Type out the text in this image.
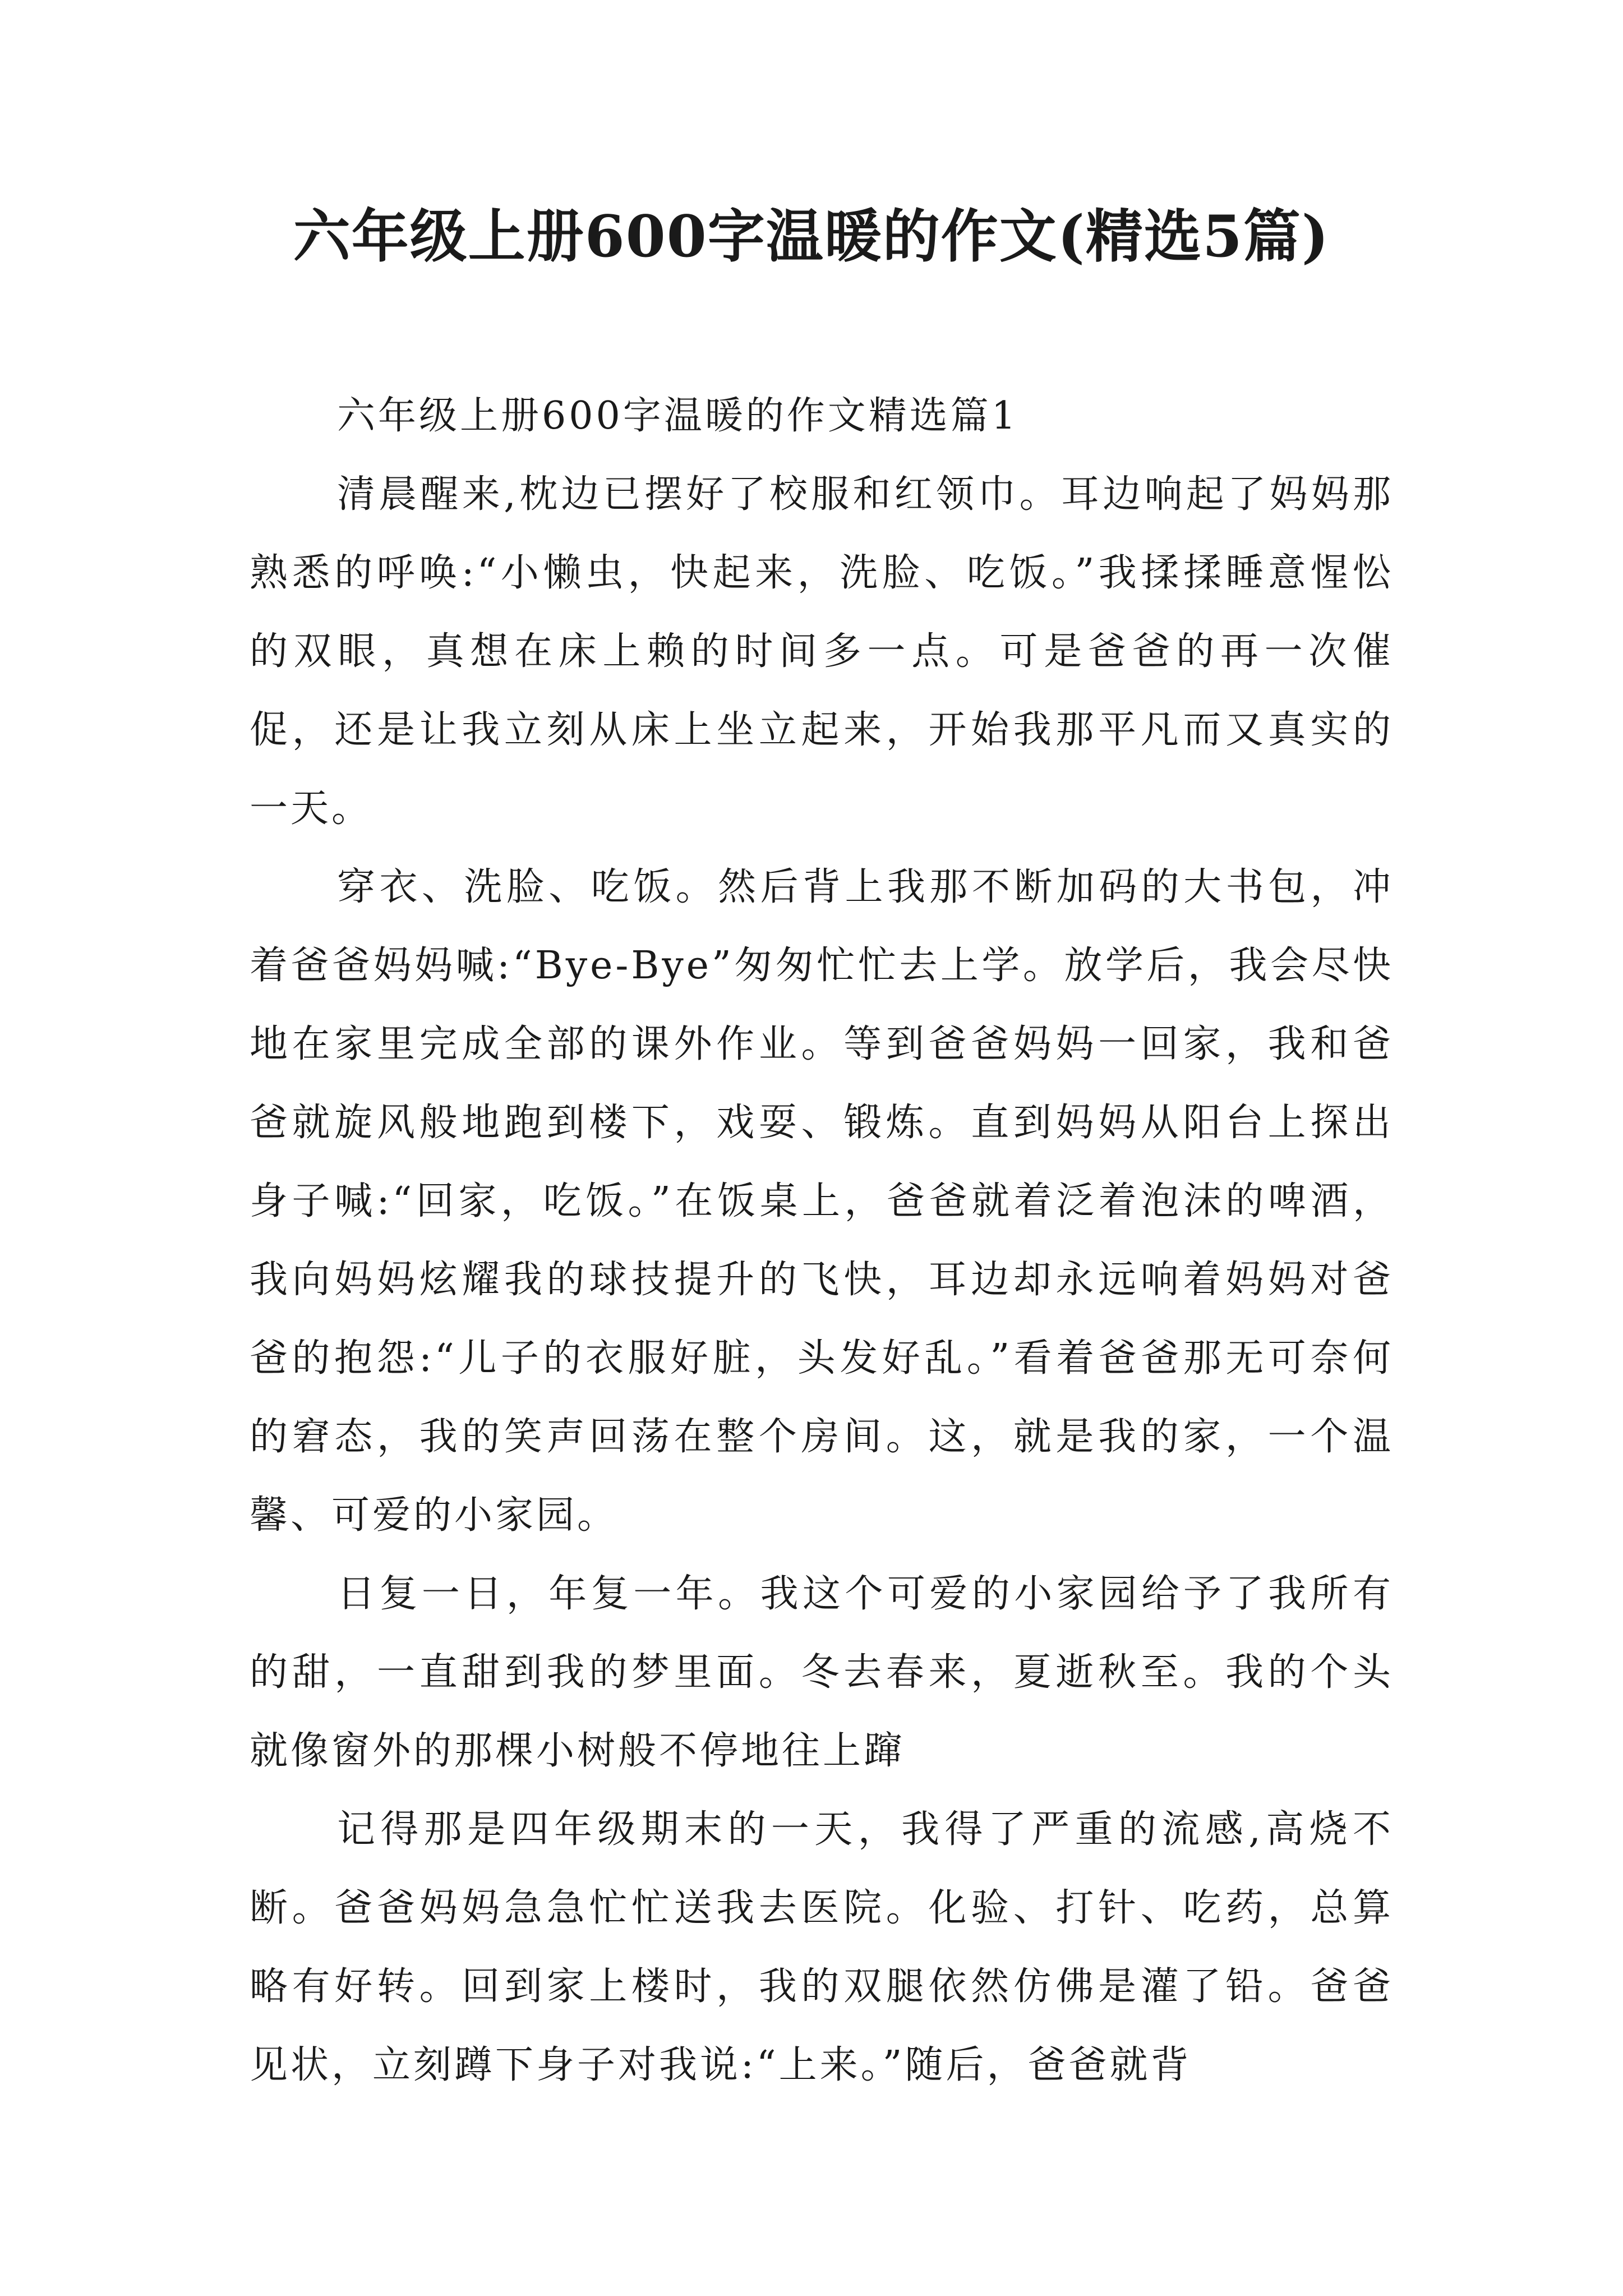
六年级上册600字温暖的作文(精选5篇)

六年级上册600字温暖的作文精选篇1

清晨醒来,枕边已摆好了校服和红领巾。耳边响起了妈妈那熟悉的呼唤:“小懒虫，快起来，洗脸、吃饭。”我揉揉睡意惺忪的双眼，真想在床上赖的时间多一点。可是爸爸的再一次催促，还是让我立刻从床上坐立起来，开始我那平凡而又真实的一天。

穿衣、洗脸、吃饭。然后背上我那不断加码的大书包，冲着爸爸妈妈喊:“Bye-Bye”匆匆忙忙去上学。放学后，我会尽快地在家里完成全部的课外作业。等到爸爸妈妈一回家，我和爸爸就旋风般地跑到楼下，戏耍、锻炼。直到妈妈从阳台上探出身子喊:“回家，吃饭。”在饭桌上，爸爸就着泛着泡沫的啤酒，我向妈妈炫耀我的球技提升的飞快，耳边却永远响着妈妈对爸爸的抱怨:“儿子的衣服好脏，头发好乱。”看着爸爸那无可奈何的窘态，我的笑声回荡在整个房间。这，就是我的家，一个温馨、可爱的小家园。

日复一日，年复一年。我这个可爱的小家园给予了我所有的甜，一直甜到我的梦里面。冬去春来，夏逝秋至。我的个头就像窗外的那棵小树般不停地往上蹿

记得那是四年级期末的一天，我得了严重的流感,高烧不断。爸爸妈妈急急忙忙送我去医院。化验、打针、吃药，总算略有好转。回到家上楼时，我的双腿依然仿佛是灌了铅。爸爸见状，立刻蹲下身子对我说:“上来。”随后，爸爸就背
